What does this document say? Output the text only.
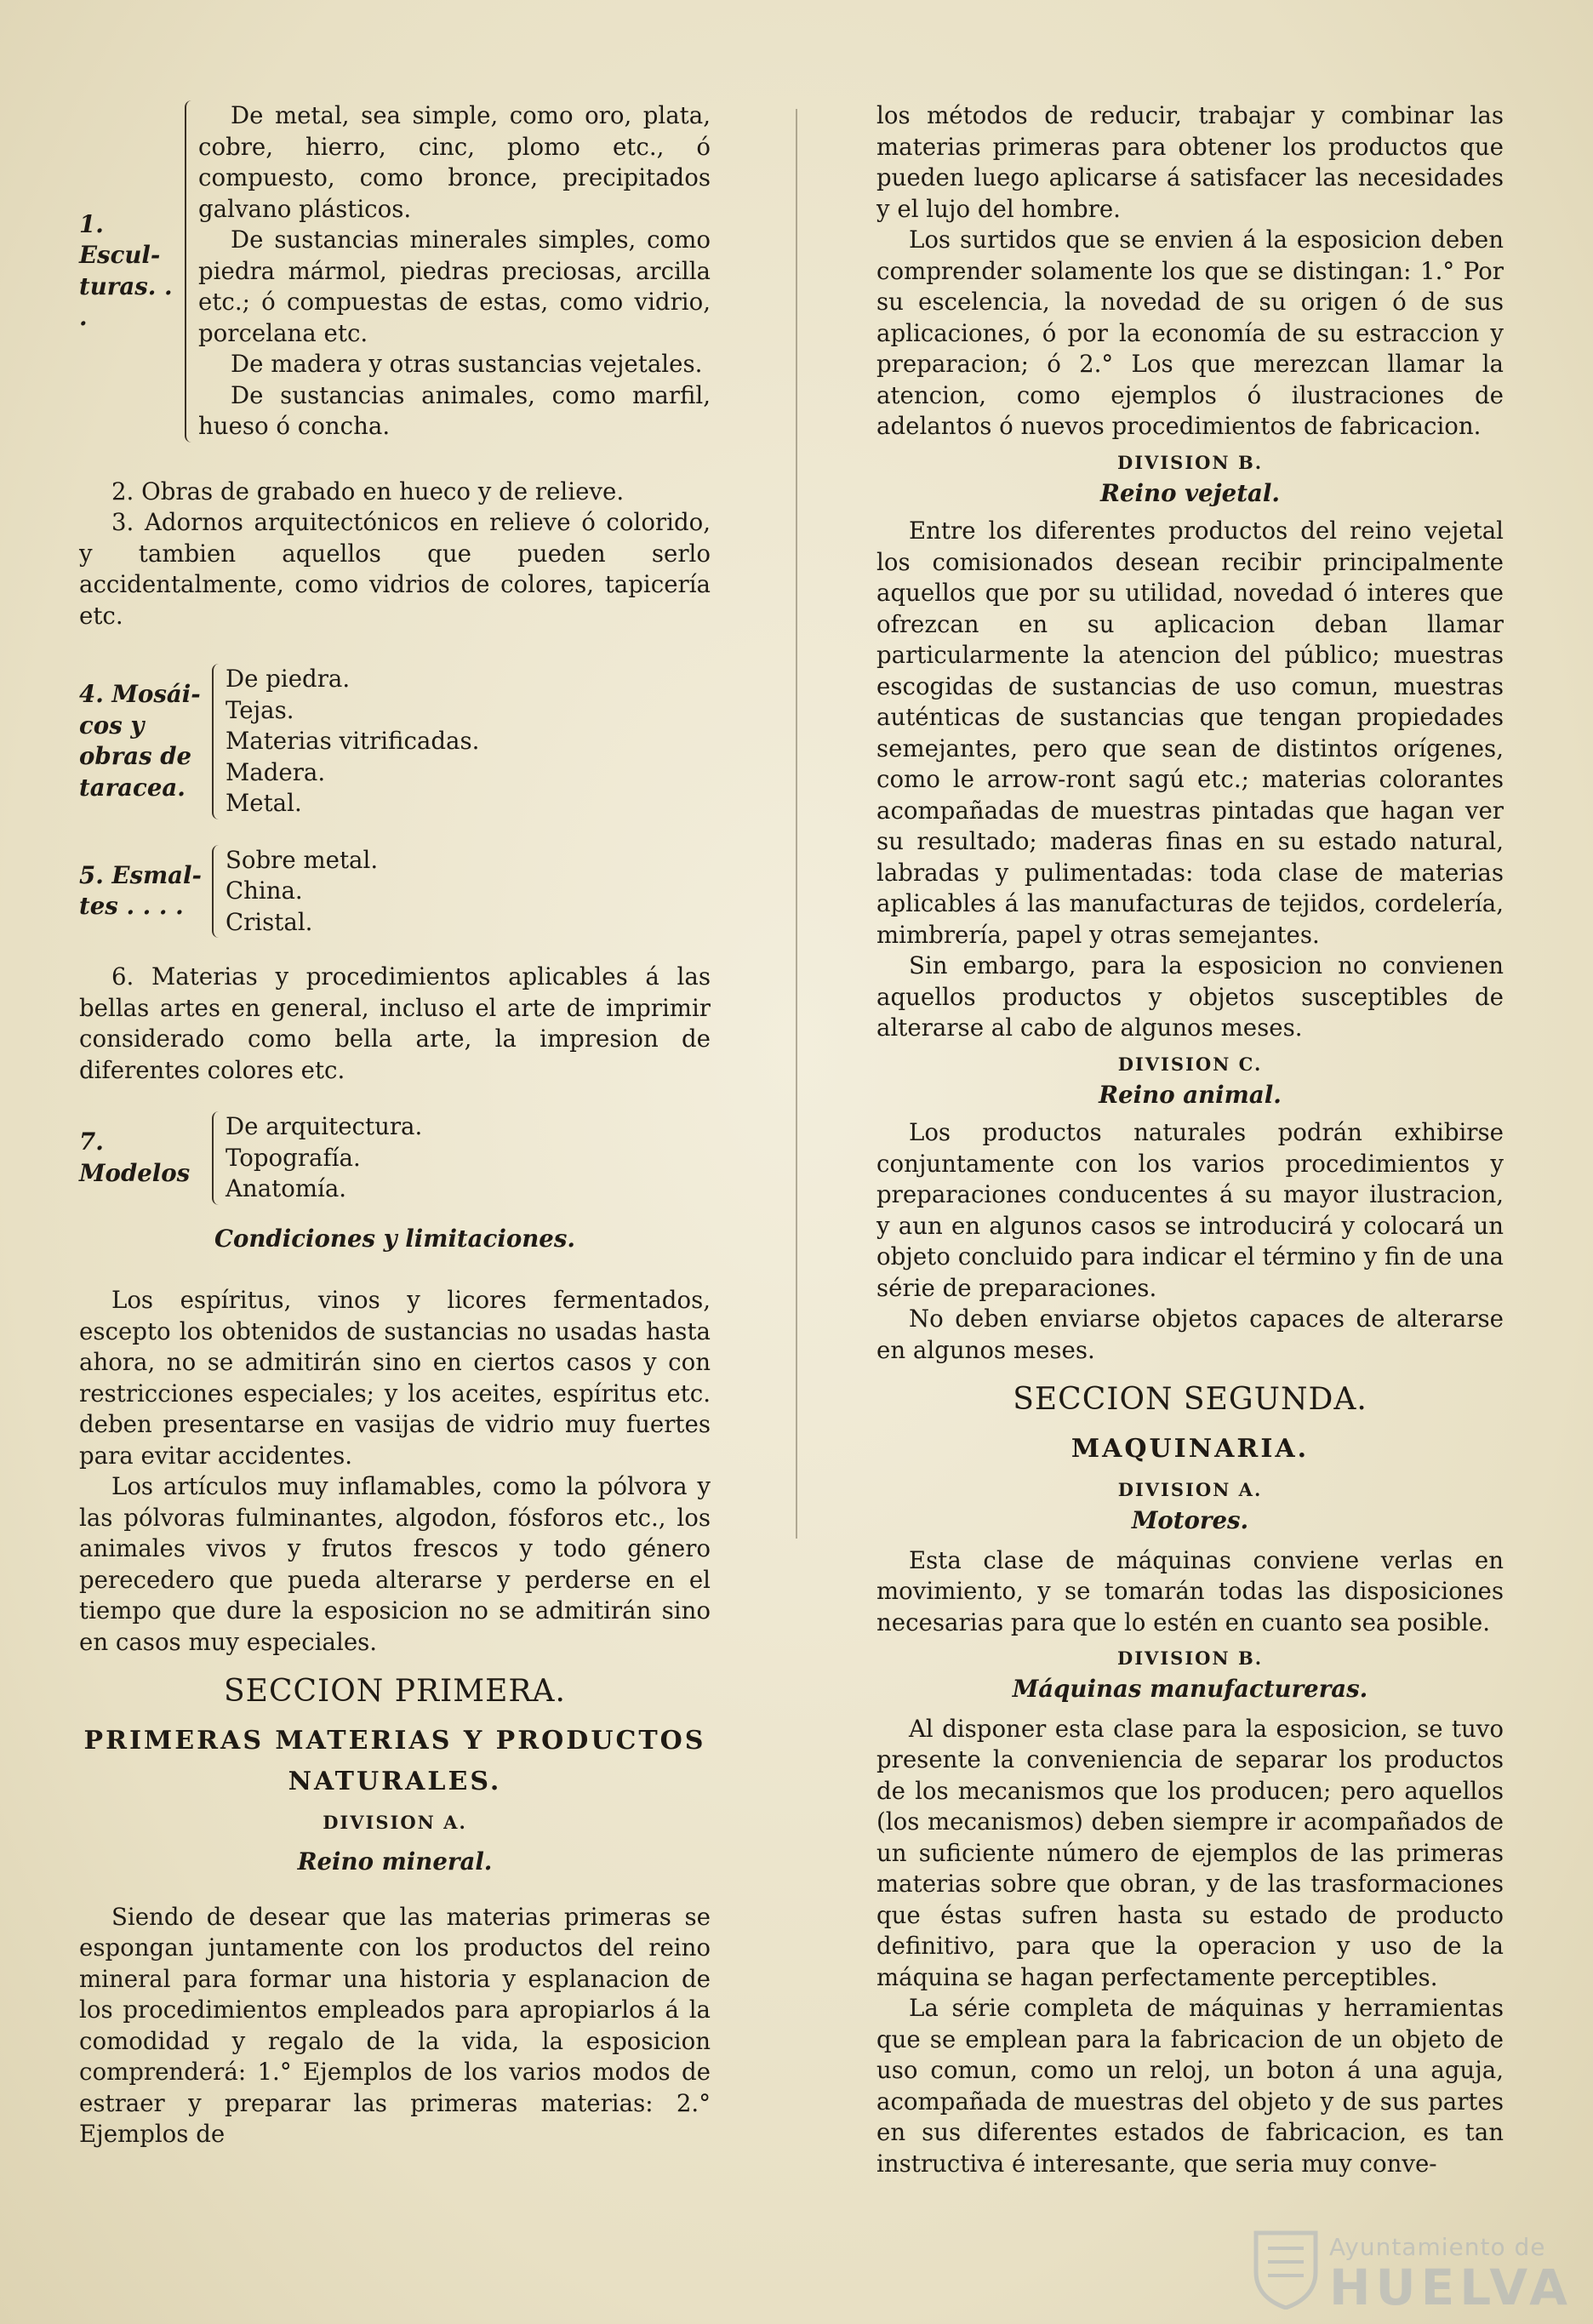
1. Escul- turas. . .

De metal, sea simple, como oro, plata, cobre, hierro, cinc, plomo etc., ó compuesto, como bronce, precipitados galvano plásticos.

De sustancias minerales simples, como piedra mármol, piedras preciosas, arcilla etc.; ó compuestas de estas, como vidrio, porcelana etc.

De madera y otras sustancias vejetales.

De sustancias animales, como marfil, hueso ó concha.

2. Obras de grabado en hueco y de relieve.

3. Adornos arquitectónicos en relieve ó colorido, y tambien aquellos que pueden serlo accidentalmente, como vidrios de colores, tapicería etc.

4. Mosái- cos y obras de taracea.

De piedra.

Tejas.

Materias vitrificadas.

Madera.

Metal.

5. Esmal- tes . . . .

Sobre metal.

China.

Cristal.

6. Materias y procedimientos aplicables á las bellas artes en general, incluso el arte de imprimir considerado como bella arte, la impresion de diferentes colores etc.

7. Modelos

De arquitectura.

Topografía.

Anatomía.

Condiciones y limitaciones.

Los espíritus, vinos y licores fermentados, escepto los obtenidos de sustancias no usadas hasta ahora, no se admitirán sino en ciertos casos y con restricciones especiales; y los aceites, espíritus etc. deben presentarse en vasijas de vidrio muy fuertes para evitar accidentes.

Los artículos muy inflamables, como la pólvora y las pólvoras fulminantes, algodon, fósforos etc., los animales vivos y frutos frescos y todo género perecedero que pueda alterarse y perderse en el tiempo que dure la esposicion no se admitirán sino en casos muy especiales.

SECCION PRIMERA.
PRIMERAS MATERIAS Y PRODUCTOS NATURALES.
DIVISION A.

Reino mineral.

Siendo de desear que las materias primeras se espongan juntamente con los productos del reino mineral para formar una historia y esplanacion de los procedimientos empleados para apropiarlos á la comodidad y regalo de la vida, la esposicion comprenderá: 1.° Ejemplos de los varios modos de estraer y preparar las primeras materias: 2.° Ejemplos de

los métodos de reducir, trabajar y combinar las materias primeras para obtener los productos que pueden luego aplicarse á satisfacer las necesidades y el lujo del hombre.

Los surtidos que se envien á la esposicion deben comprender solamente los que se distingan: 1.° Por su escelencia, la novedad de su origen ó de sus aplicaciones, ó por la economía de su estraccion y preparacion; ó 2.° Los que merezcan llamar la atencion, como ejemplos ó ilustraciones de adelantos ó nuevos procedimientos de fabricacion.

DIVISION B.

Reino vejetal.

Entre los diferentes productos del reino vejetal los comisionados desean recibir principalmente aquellos que por su utilidad, novedad ó interes que ofrezcan en su aplicacion deban llamar particularmente la atencion del público; muestras escogidas de sustancias de uso comun, muestras auténticas de sustancias que tengan propiedades semejantes, pero que sean de distintos orígenes, como le arrow-ront sagú etc.; materias colorantes acompañadas de muestras pintadas que hagan ver su resultado; maderas finas en su estado natural, labradas y pulimentadas: toda clase de materias aplicables á las manufacturas de tejidos, cordelería, mimbrería, papel y otras semejantes.

Sin embargo, para la esposicion no convienen aquellos productos y objetos susceptibles de alterarse al cabo de algunos meses.

DIVISION C.

Reino animal.

Los productos naturales podrán exhibirse conjuntamente con los varios procedimientos y preparaciones conducentes á su mayor ilustracion, y aun en algunos casos se introducirá y colocará un objeto concluido para indicar el término y fin de una série de preparaciones.

No deben enviarse objetos capaces de alterarse en algunos meses.

SECCION SEGUNDA.
MAQUINARIA.
DIVISION A.

Motores.

Esta clase de máquinas conviene verlas en movimiento, y se tomarán todas las disposiciones necesarias para que lo estén en cuanto sea posible.

DIVISION B.

Máquinas manufactureras.

Al disponer esta clase para la esposicion, se tuvo presente la conveniencia de separar los productos de los mecanismos que los producen; pero aquellos (los mecanismos) deben siempre ir acompañados de un suficiente número de ejemplos de las primeras materias sobre que obran, y de las trasformaciones que éstas sufren hasta su estado de producto definitivo, para que la operacion y uso de la máquina se hagan perfectamente perceptibles.

La série completa de máquinas y herramientas que se emplean para la fabricacion de un objeto de uso comun, como un reloj, un boton á una aguja, acompañada de muestras del objeto y de sus partes en sus diferentes estados de fabricacion, es tan instructiva é interesante, que seria muy conve-

Ayuntamiento de
HUELVA
